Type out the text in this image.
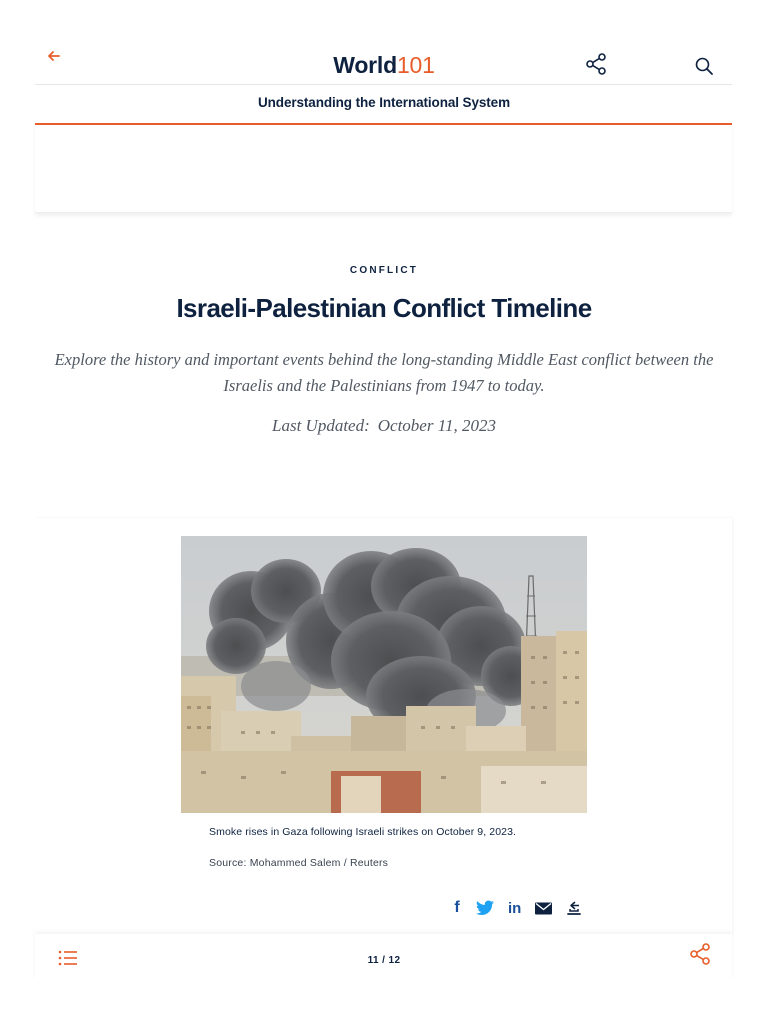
World101
Understanding the International System
CONFLICT
Israeli-Palestinian Conflict Timeline

Explore the history and important events behind the long-standing Middle East conflict between the Israelis and the Palestinians from 1947 to today.

Last Updated: October 11, 2023
Smoke rises in Gaza following Israeli strikes on October 9, 2023.
Source: Mohammed Salem / Reuters
f	in
11 / 12
